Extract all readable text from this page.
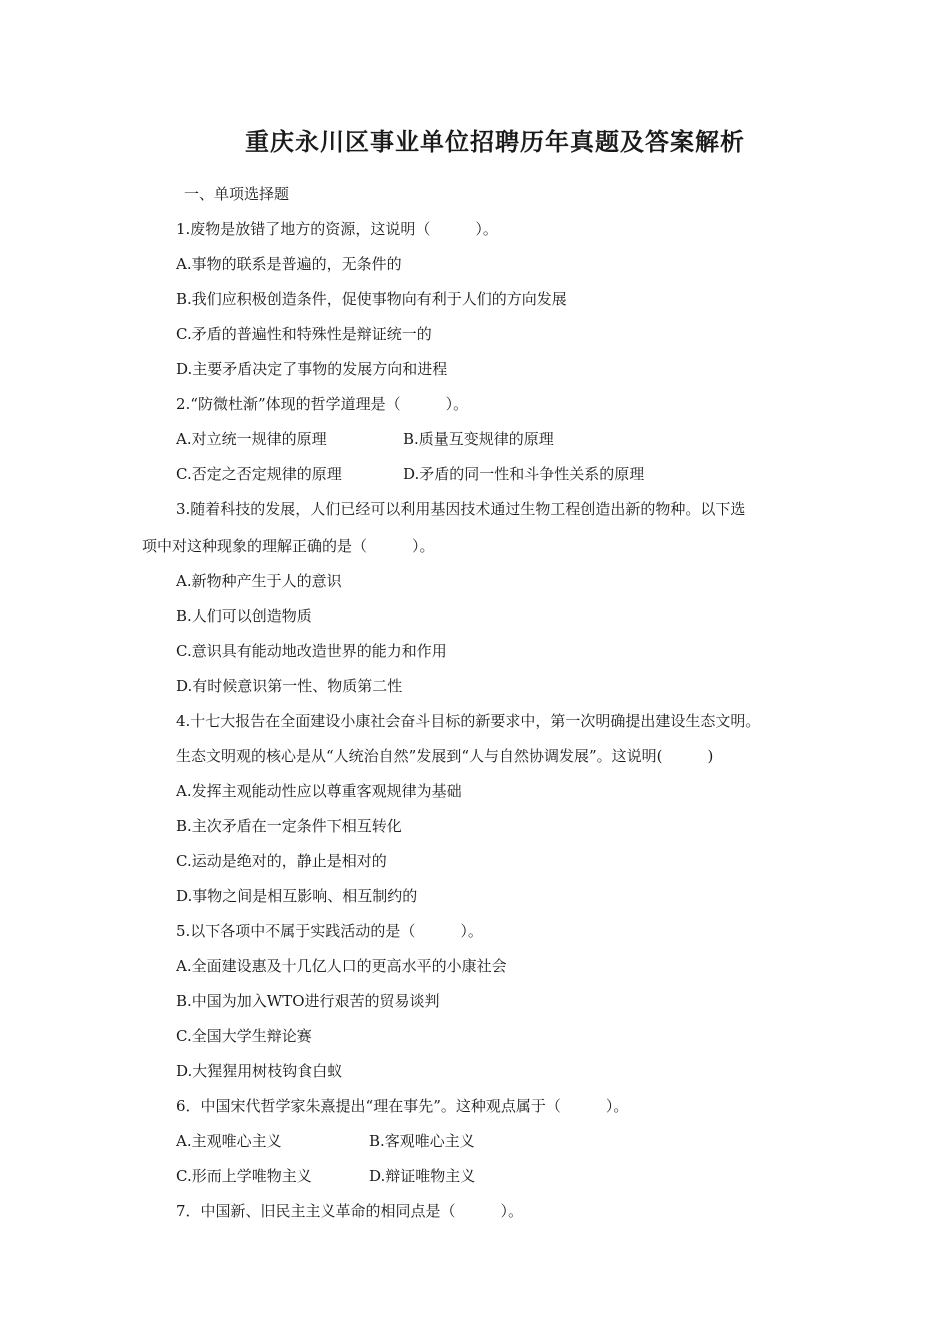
重庆永川区事业单位招聘历年真题及答案解析
一、单项选择题
1.废物是放错了地方的资源，这说明（　　　）。
A.事物的联系是普遍的，无条件的
B.我们应积极创造条件，促使事物向有利于人们的方向发展
C.矛盾的普遍性和特殊性是辩证统一的
D.主要矛盾决定了事物的发展方向和进程
2.“防微杜渐”体现的哲学道理是（　　　）。
A.对立统一规律的原理	B.质量互变规律的原理
C.否定之否定规律的原理	D.矛盾的同一性和斗争性关系的原理
3.随着科技的发展，人们已经可以利用基因技术通过生物工程创造出新的物种。以下选
项中对这种现象的理解正确的是（　　　）。
A.新物种产生于人的意识
B.人们可以创造物质
C.意识具有能动地改造世界的能力和作用
D.有时候意识第一性、物质第二性
4.十七大报告在全面建设小康社会奋斗目标的新要求中，第一次明确提出建设生态文明。
生态文明观的核心是从“人统治自然”发展到“人与自然协调发展”。这说明(　　　)
A.发挥主观能动性应以尊重客观规律为基础
B.主次矛盾在一定条件下相互转化
C.运动是绝对的，静止是相对的
D.事物之间是相互影响、相互制约的
5.以下各项中不属于实践活动的是（　　　）。
A.全面建设惠及十几亿人口的更高水平的小康社会
B.中国为加入WTO进行艰苦的贸易谈判
C.全国大学生辩论赛
D.大猩猩用树枝钩食白蚁
6．中国宋代哲学家朱熹提出“理在事先”。这种观点属于（　　　）。
A.主观唯心主义	B.客观唯心主义
C.形而上学唯物主义	D.辩证唯物主义
7．中国新、旧民主主义革命的相同点是（　　　）。
